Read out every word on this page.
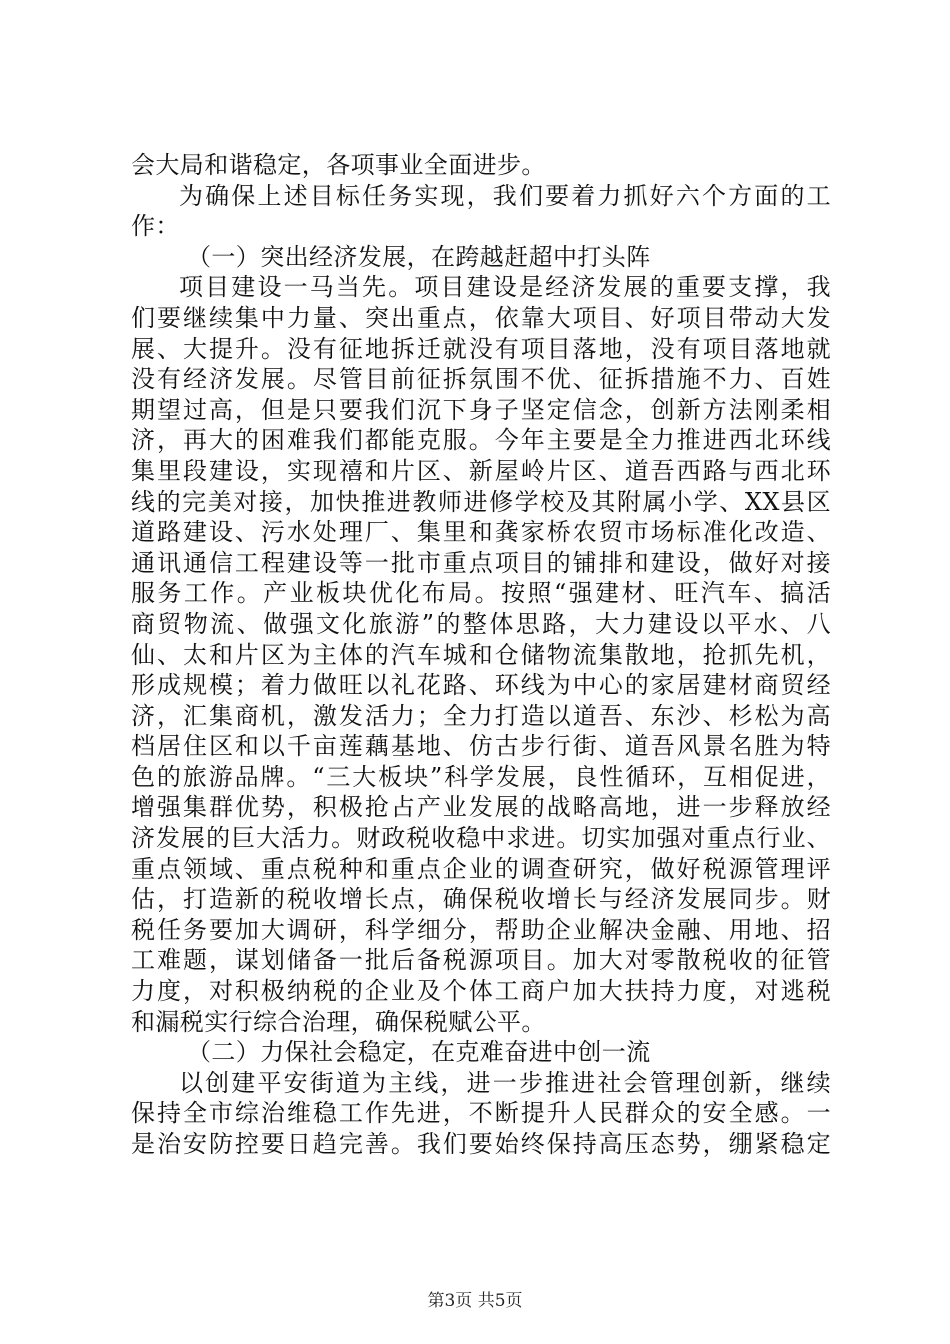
会大局和谐稳定，各项事业全面进步。
为确保上述目标任务实现，我们要着力抓好六个方面的工
作：
（一）突出经济发展，在跨越赶超中打头阵
项目建设一马当先。项目建设是经济发展的重要支撑，我
们要继续集中力量、突出重点，依靠大项目、好项目带动大发
展、大提升。没有征地拆迁就没有项目落地，没有项目落地就
没有经济发展。尽管目前征拆氛围不优、征拆措施不力、百姓
期望过高，但是只要我们沉下身子坚定信念，创新方法刚柔相
济，再大的困难我们都能克服。今年主要是全力推进西北环线
集里段建设，实现禧和片区、新屋岭片区、道吾西路与西北环
线的完美对接，加快推进教师进修学校及其附属小学、XX县区
道路建设、污水处理厂、集里和龚家桥农贸市场标准化改造、
通讯通信工程建设等一批市重点项目的铺排和建设，做好对接
服务工作。产业板块优化布局。按照“强建材、旺汽车、搞活
商贸物流、做强文化旅游”的整体思路，大力建设以平水、八
仙、太和片区为主体的汽车城和仓储物流集散地，抢抓先机，
形成规模；着力做旺以礼花路、环线为中心的家居建材商贸经
济，汇集商机，激发活力；全力打造以道吾、东沙、杉松为高
档居住区和以千亩莲藕基地、仿古步行街、道吾风景名胜为特
色的旅游品牌。“三大板块”科学发展，良性循环，互相促进，
增强集群优势，积极抢占产业发展的战略高地，进一步释放经
济发展的巨大活力。财政税收稳中求进。切实加强对重点行业、
重点领域、重点税种和重点企业的调查研究，做好税源管理评
估，打造新的税收增长点，确保税收增长与经济发展同步。财
税任务要加大调研，科学细分，帮助企业解决金融、用地、招
工难题，谋划储备一批后备税源项目。加大对零散税收的征管
力度，对积极纳税的企业及个体工商户加大扶持力度，对逃税
和漏税实行综合治理，确保税赋公平。
（二）力保社会稳定，在克难奋进中创一流
以创建平安街道为主线，进一步推进社会管理创新，继续
保持全市综治维稳工作先进，不断提升人民群众的安全感。一
是治安防控要日趋完善。我们要始终保持高压态势，绷紧稳定
第3页 共5页
